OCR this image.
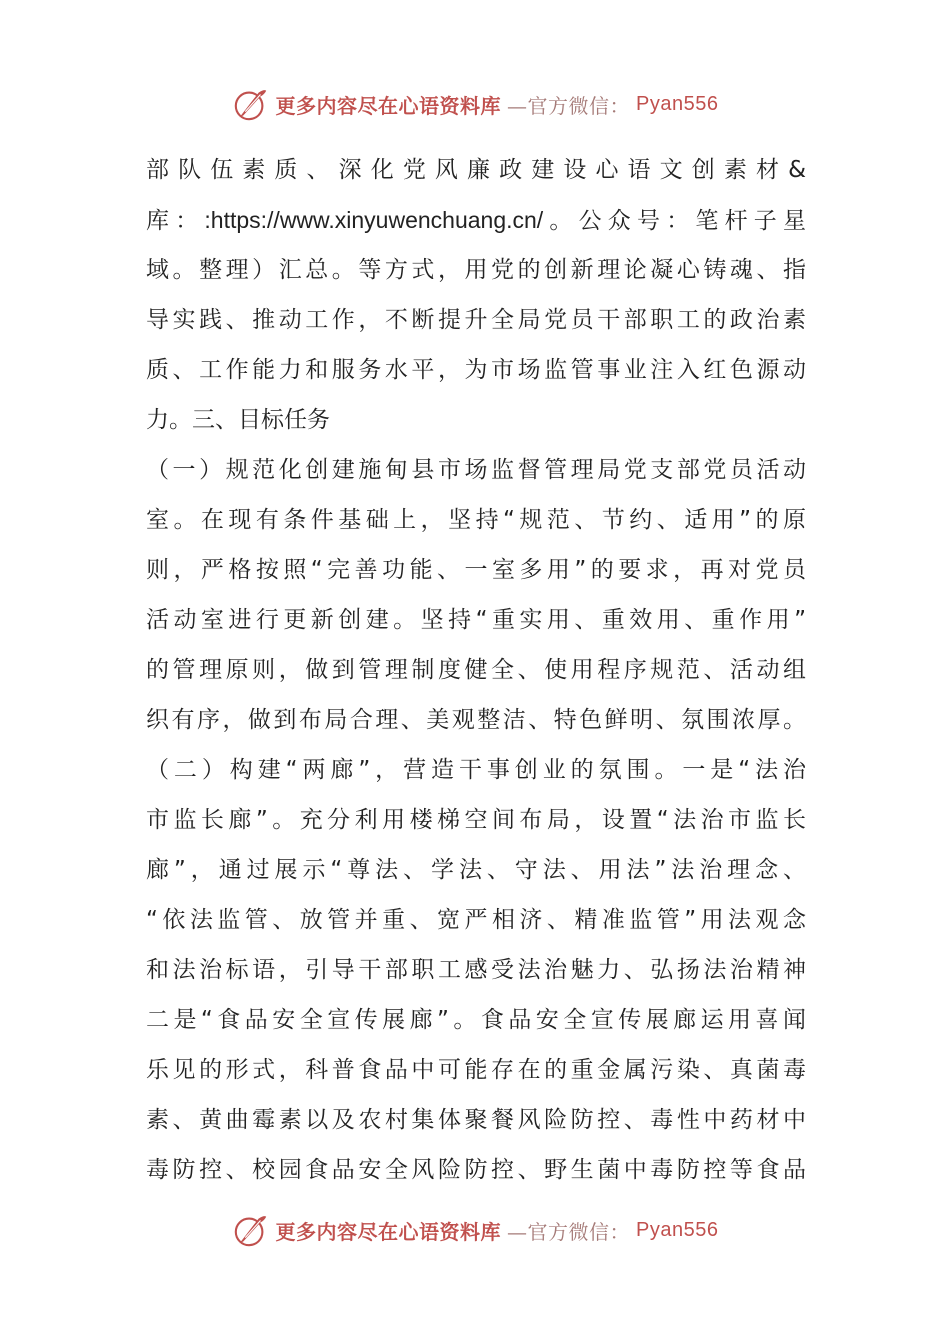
更多内容尽在心语资料库 —官方微信： Pyan556
部队伍素质、深化党风廉政建设心语文创素材&
库：:https://www.xinyuwenchuang.cn/。公众号：笔杆子星
域。整理）汇总。等方式，用党的创新理论凝心铸魂、指
导实践、推动工作，不断提升全局党员干部职工的政治素
质、工作能力和服务水平，为市场监管事业注入红色源动
力。三、目标任务
（一）规范化创建施甸县市场监督管理局党支部党员活动
室。在现有条件基础上，坚持“规范、节约、适用”的原
则，严格按照“完善功能、一室多用”的要求，再对党员
活动室进行更新创建。坚持“重实用、重效用、重作用”
的管理原则，做到管理制度健全、使用程序规范、活动组
织有序，做到布局合理、美观整洁、特色鲜明、氛围浓厚。
（二）构建“两廊”，营造干事创业的氛围。一是“法治
市监长廊”。充分利用楼梯空间布局，设置“法治市监长
廊”，通过展示“尊法、学法、守法、用法”法治理念、
“依法监管、放管并重、宽严相济、精准监管”用法观念
和法治标语，引导干部职工感受法治魅力、弘扬法治精神
二是“食品安全宣传展廊”。食品安全宣传展廊运用喜闻
乐见的形式，科普食品中可能存在的重金属污染、真菌毒
素、黄曲霉素以及农村集体聚餐风险防控、毒性中药材中
毒防控、校园食品安全风险防控、野生菌中毒防控等食品
更多内容尽在心语资料库 —官方微信： Pyan556
